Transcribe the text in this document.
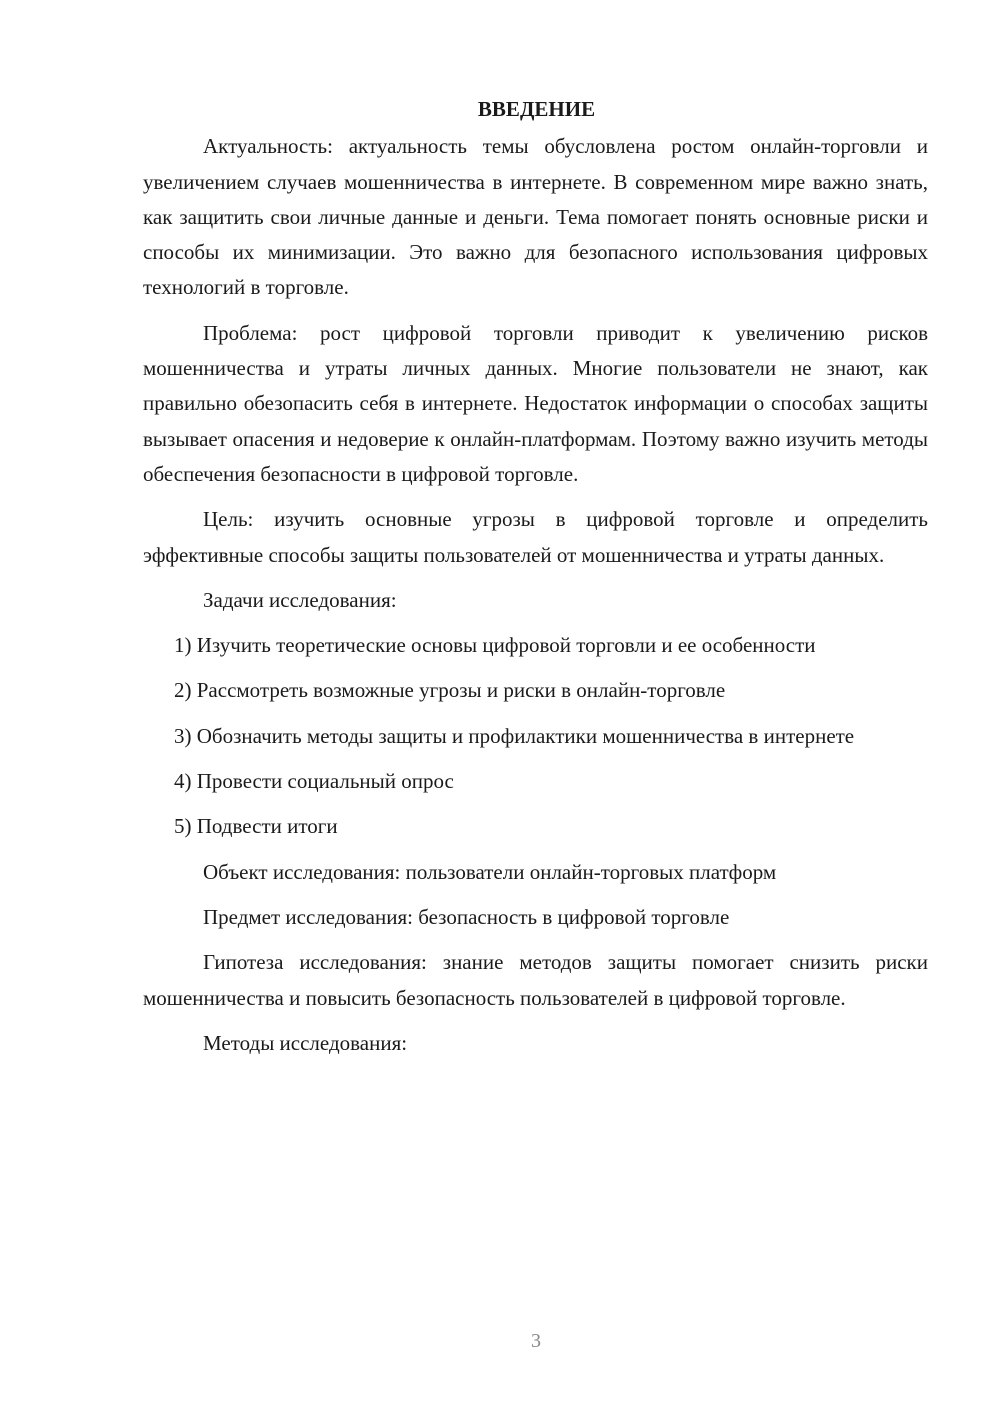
ВВЕДЕНИЕ

Актуальность: актуальность темы обусловлена ростом онлайн-торговли и увеличением случаев мошенничества в интернете. В современном мире важно знать, как защитить свои личные данные и деньги. Тема помогает понять основные риски и способы их минимизации. Это важно для безопасного использования цифровых технологий в торговле.

Проблема: рост цифровой торговли приводит к увеличению рисков мошенничества и утраты личных данных. Многие пользователи не знают, как правильно обезопасить себя в интернете. Недостаток информации о способах защиты вызывает опасения и недоверие к онлайн-платформам. Поэтому важно изучить методы обеспечения безопасности в цифровой торговле.

Цель: изучить основные угрозы в цифровой торговле и определить эффективные способы защиты пользователей от мошенничества и утраты данных.

Задачи исследования:

1) Изучить теоретические основы цифровой торговли и ее особенности

2) Рассмотреть возможные угрозы и риски в онлайн-торговле

3) Обозначить методы защиты и профилактики мошенничества в интернете

4) Провести социальный опрос

5) Подвести итоги

Объект исследования: пользователи онлайн-торговых платформ

Предмет исследования: безопасность в цифровой торговле

Гипотеза исследования: знание методов защиты помогает снизить риски мошенничества и повысить безопасность пользователей в цифровой торговле.

Методы исследования:

3
